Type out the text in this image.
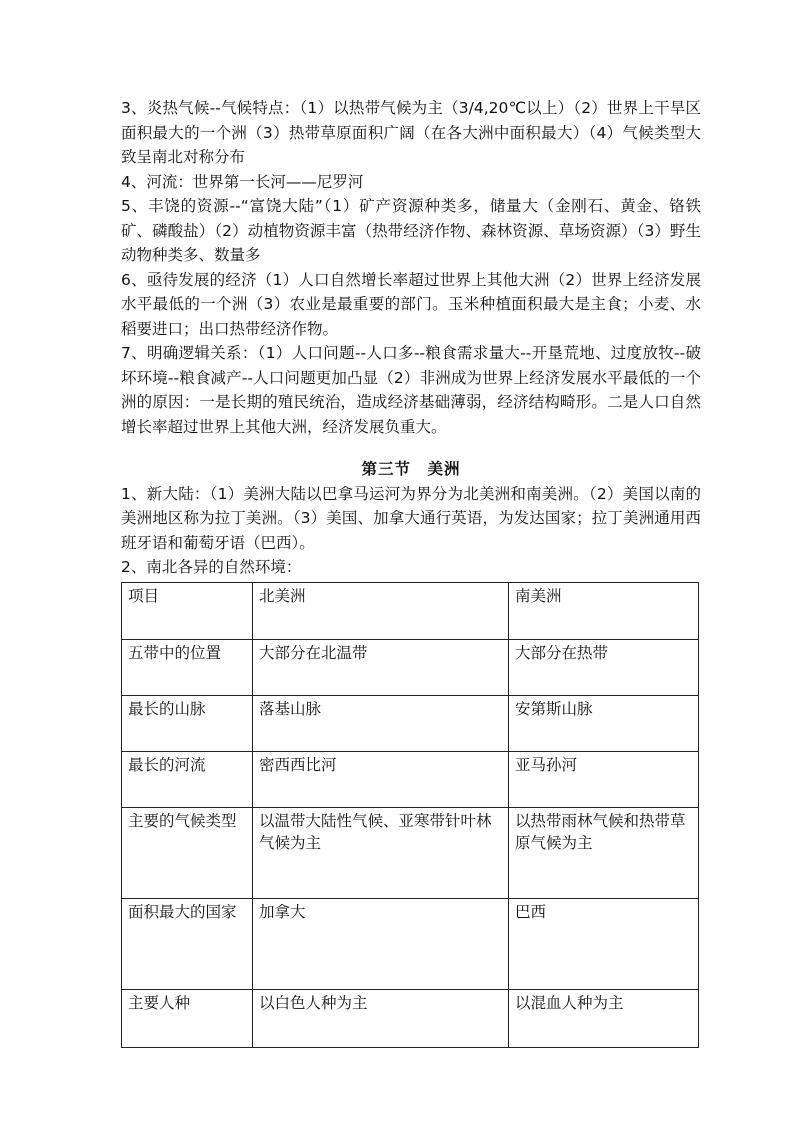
3、炎热气候--气候特点：（1）以热带气候为主（3/4,20℃以上）（2）世界上干旱区面积最大的一个洲（3）热带草原面积广阔（在各大洲中面积最大）（4）气候类型大致呈南北对称分布

4、河流：世界第一长河——尼罗河

5、丰饶的资源--“富饶大陆”（1）矿产资源种类多，储量大（金刚石、黄金、铬铁矿、磷酸盐）（2）动植物资源丰富（热带经济作物、森林资源、草场资源）（3）野生动物种类多、数量多

6、亟待发展的经济（1）人口自然增长率超过世界上其他大洲（2）世界上经济发展水平最低的一个洲（3）农业是最重要的部门。玉米种植面积最大是主食；小麦、水稻要进口；出口热带经济作物。

7、明确逻辑关系：（1）人口问题--人口多--粮食需求量大--开垦荒地、过度放牧--破坏环境--粮食减产--人口问题更加凸显（2）非洲成为世界上经济发展水平最低的一个洲的原因：一是长期的殖民统治，造成经济基础薄弱，经济结构畸形。二是人口自然增长率超过世界上其他大洲，经济发展负重大。

第三节　美洲

1、新大陆：（1）美洲大陆以巴拿马运河为界分为北美洲和南美洲。（2）美国以南的美洲地区称为拉丁美洲。（3）美国、加拿大通行英语，为发达国家；拉丁美洲通用西班牙语和葡萄牙语（巴西）。

2、南北各异的自然环境：

项目	北美洲	南美洲
五带中的位置	大部分在北温带	大部分在热带
最长的山脉	落基山脉	安第斯山脉
最长的河流	密西西比河	亚马孙河
主要的气候类型	以温带大陆性气候、亚寒带针叶林气候为主	以热带雨林气候和热带草原气候为主
面积最大的国家	加拿大	巴西
主要人种	以白色人种为主	以混血人种为主
